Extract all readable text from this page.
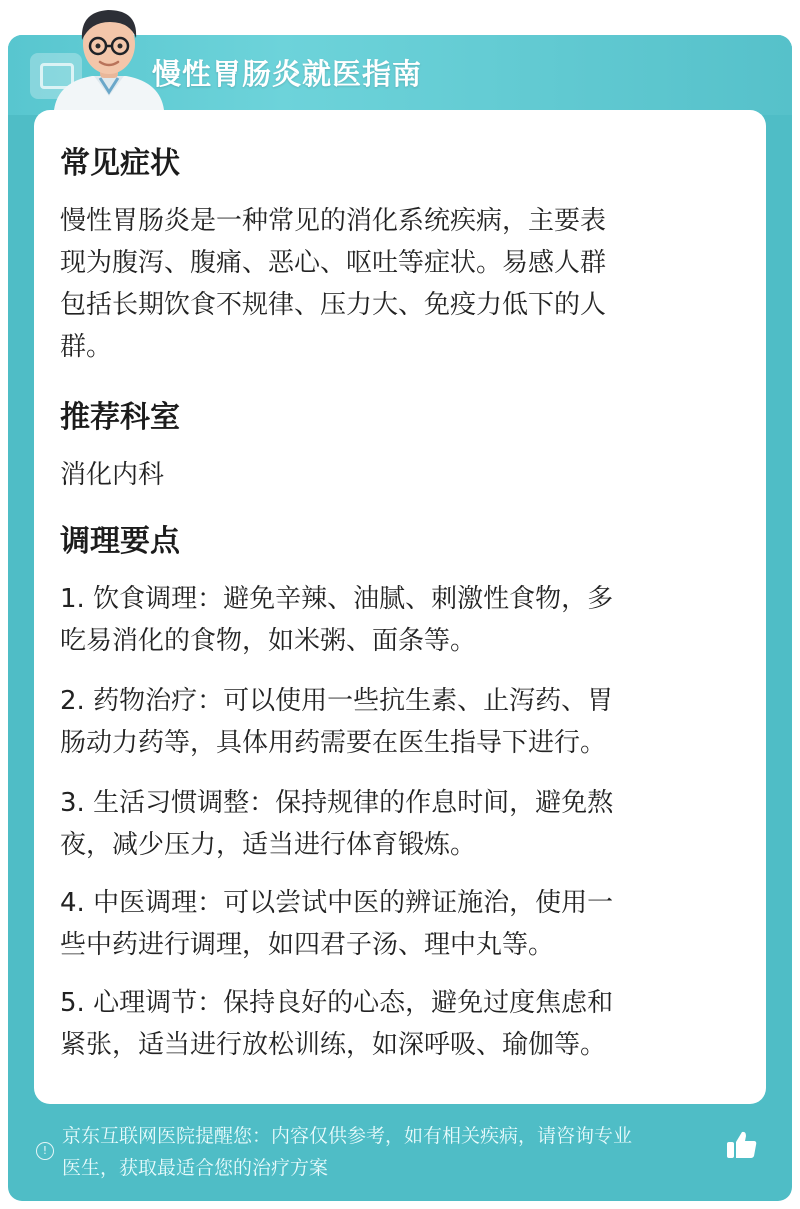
慢性胃肠炎就医指南
常见症状
慢性胃肠炎是一种常见的消化系统疾病，主要表
现为腹泻、腹痛、恶心、呕吐等症状。易感人群
包括长期饮食不规律、压力大、免疫力低下的人
群。
推荐科室
消化内科
调理要点
1. 饮食调理：避免辛辣、油腻、刺激性食物，多
吃易消化的食物，如米粥、面条等。
2. 药物治疗：可以使用一些抗生素、止泻药、胃
肠动力药等，具体用药需要在医生指导下进行。
3. 生活习惯调整：保持规律的作息时间，避免熬
夜，减少压力，适当进行体育锻炼。
4. 中医调理：可以尝试中医的辨证施治，使用一
些中药进行调理，如四君子汤、理中丸等。
5. 心理调节：保持良好的心态，避免过度焦虑和
紧张，适当进行放松训练，如深呼吸、瑜伽等。
!
京东互联网医院提醒您：内容仅供参考，如有相关疾病，请咨询专业
医生，获取最适合您的治疗方案
